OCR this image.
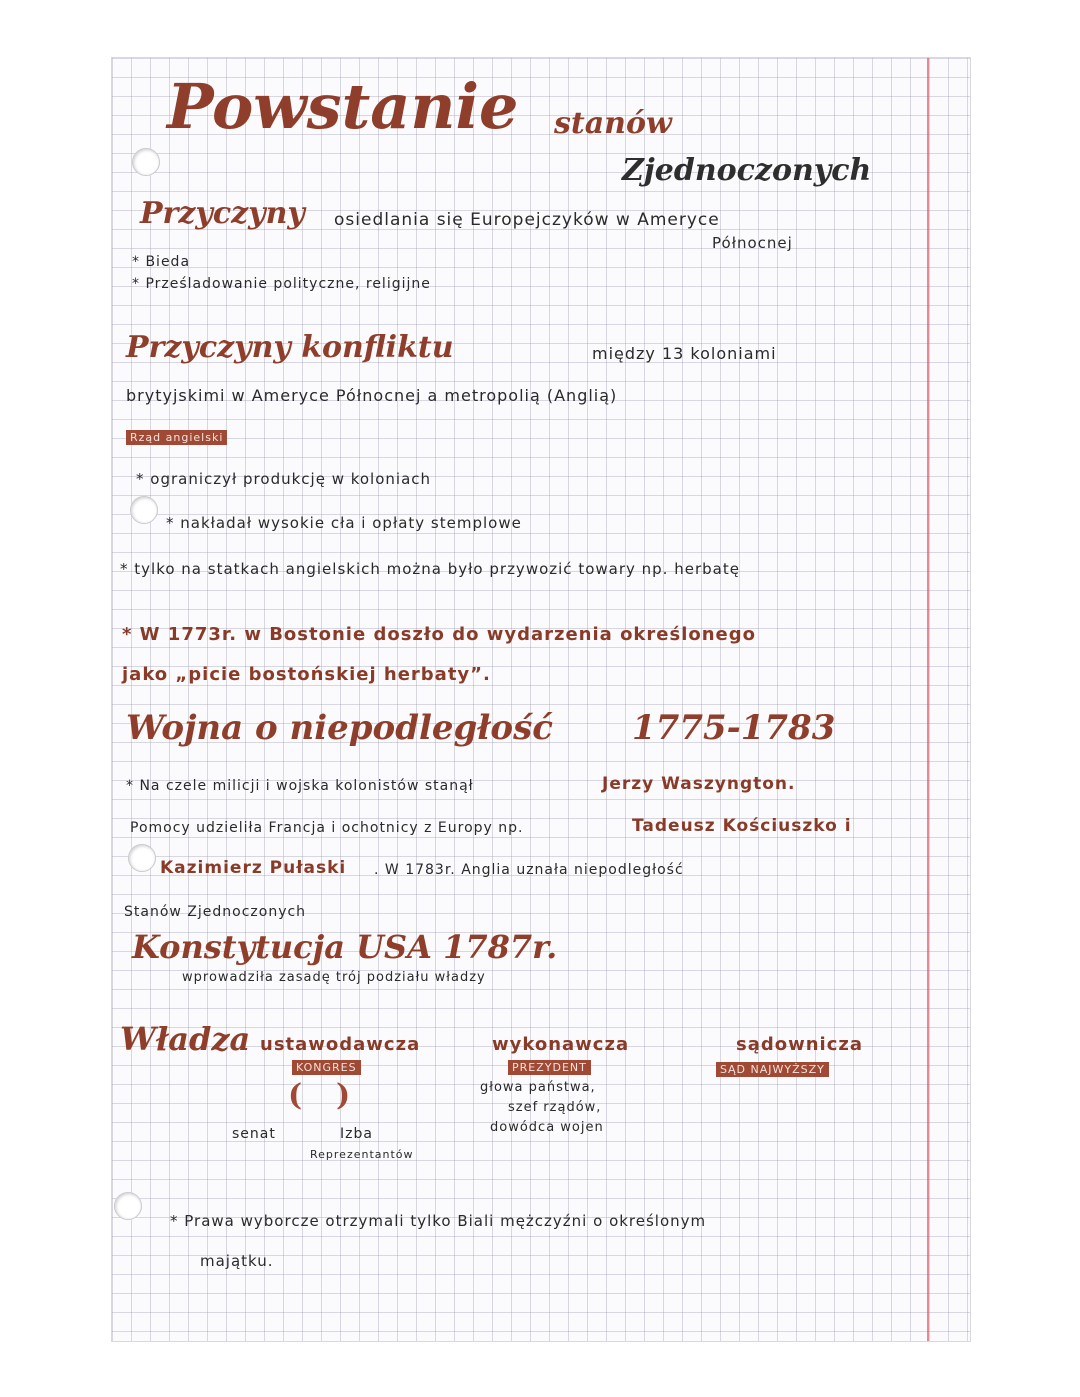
Powstanie stanów
Zjednoczonych
Przyczyny osiedlania się Europejczyków w Ameryce
Północnej
* Bieda
* Prześladowanie polityczne, religijne
Przyczyny konfliktu	między 13 koloniami
brytyjskimi w Ameryce Północnej a metropolią (Anglią)
Rząd angielski
* ograniczył produkcję w koloniach
* nakładał wysokie cła i opłaty stemplowe
* tylko na statkach angielskich można było przywozić towary np. herbatę
* W 1773r. w Bostonie doszło do wydarzenia określonego
jako „picie bostońskiej herbaty”.
Wojna o niepodległość 1775-1783
* Na czele milicji i wojska kolonistów stanął	Jerzy Waszyngton.
Pomocy udzieliła Francja i ochotnicy z Europy np.	Tadeusz Kościuszko i
Kazimierz Pułaski . W 1783r. Anglia uznała niepodległość
Stanów Zjednoczonych
Konstytucja USA 1787r.
wprowadziła zasadę trój podziału władzy
Władza ustawodawcza
KONGRES
( )
senat	Izba
Reprezentantów
wykonawcza
PREZYDENT
głowa państwa,
szef rządów,
dowódca wojen
sądownicza
SĄD NAJWYŻSZY
* Prawa wyborcze otrzymali tylko Biali mężczyźni o określonym
majątku.
